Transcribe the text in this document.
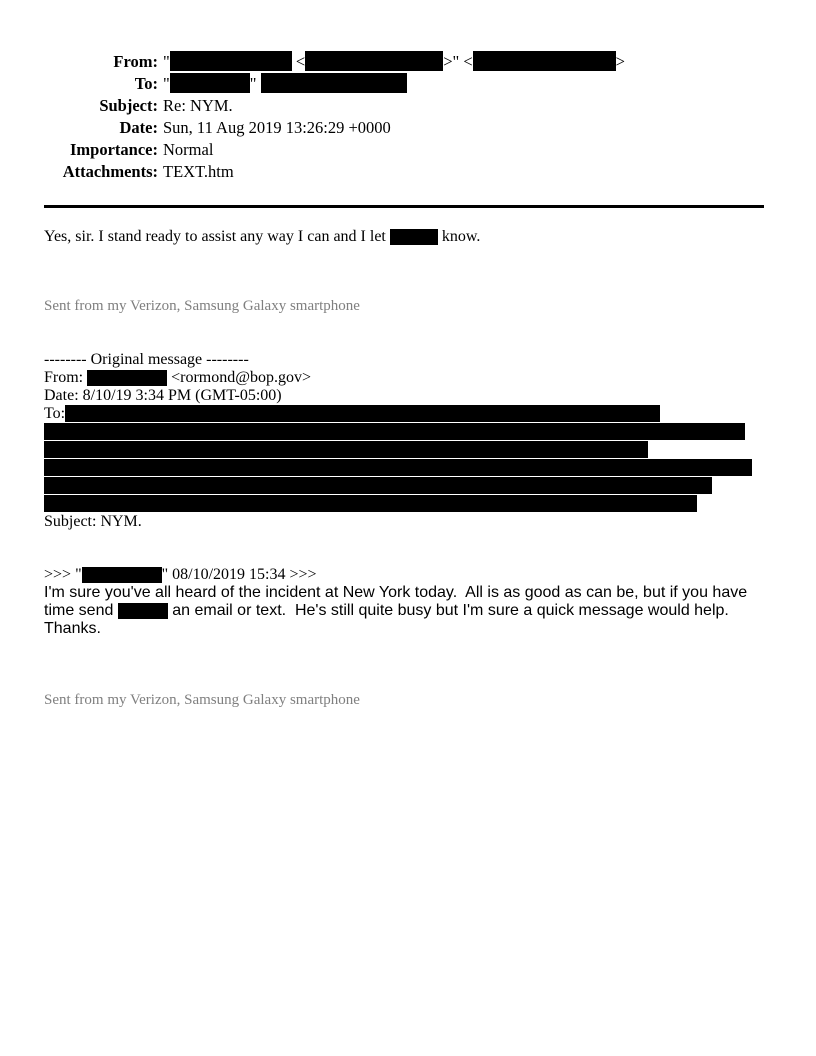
From: "	<	>" <	>
To: "	"
Subject: Re: NYM.
Date: Sun, 11 Aug 2019 13:26:29 +0000
Importance: Normal
Attachments: TEXT.htm

Yes, sir. I stand ready to assist any way I can and I let	know.

Sent from my Verizon, Samsung Galaxy smartphone

-------- Original message --------
From:	<rormond@bop.gov>
Date: 8/10/19 3:34 PM (GMT-05:00)
To:
Subject: NYM.
>>> "	" 08/10/2019 15:34 >>>
I'm sure you've all heard of the incident at New York today.  All is as good as can be, but if you have
time send	an email or text.  He's still quite busy but I'm sure a quick message would help.
Thanks.

Sent from my Verizon, Samsung Galaxy smartphone
